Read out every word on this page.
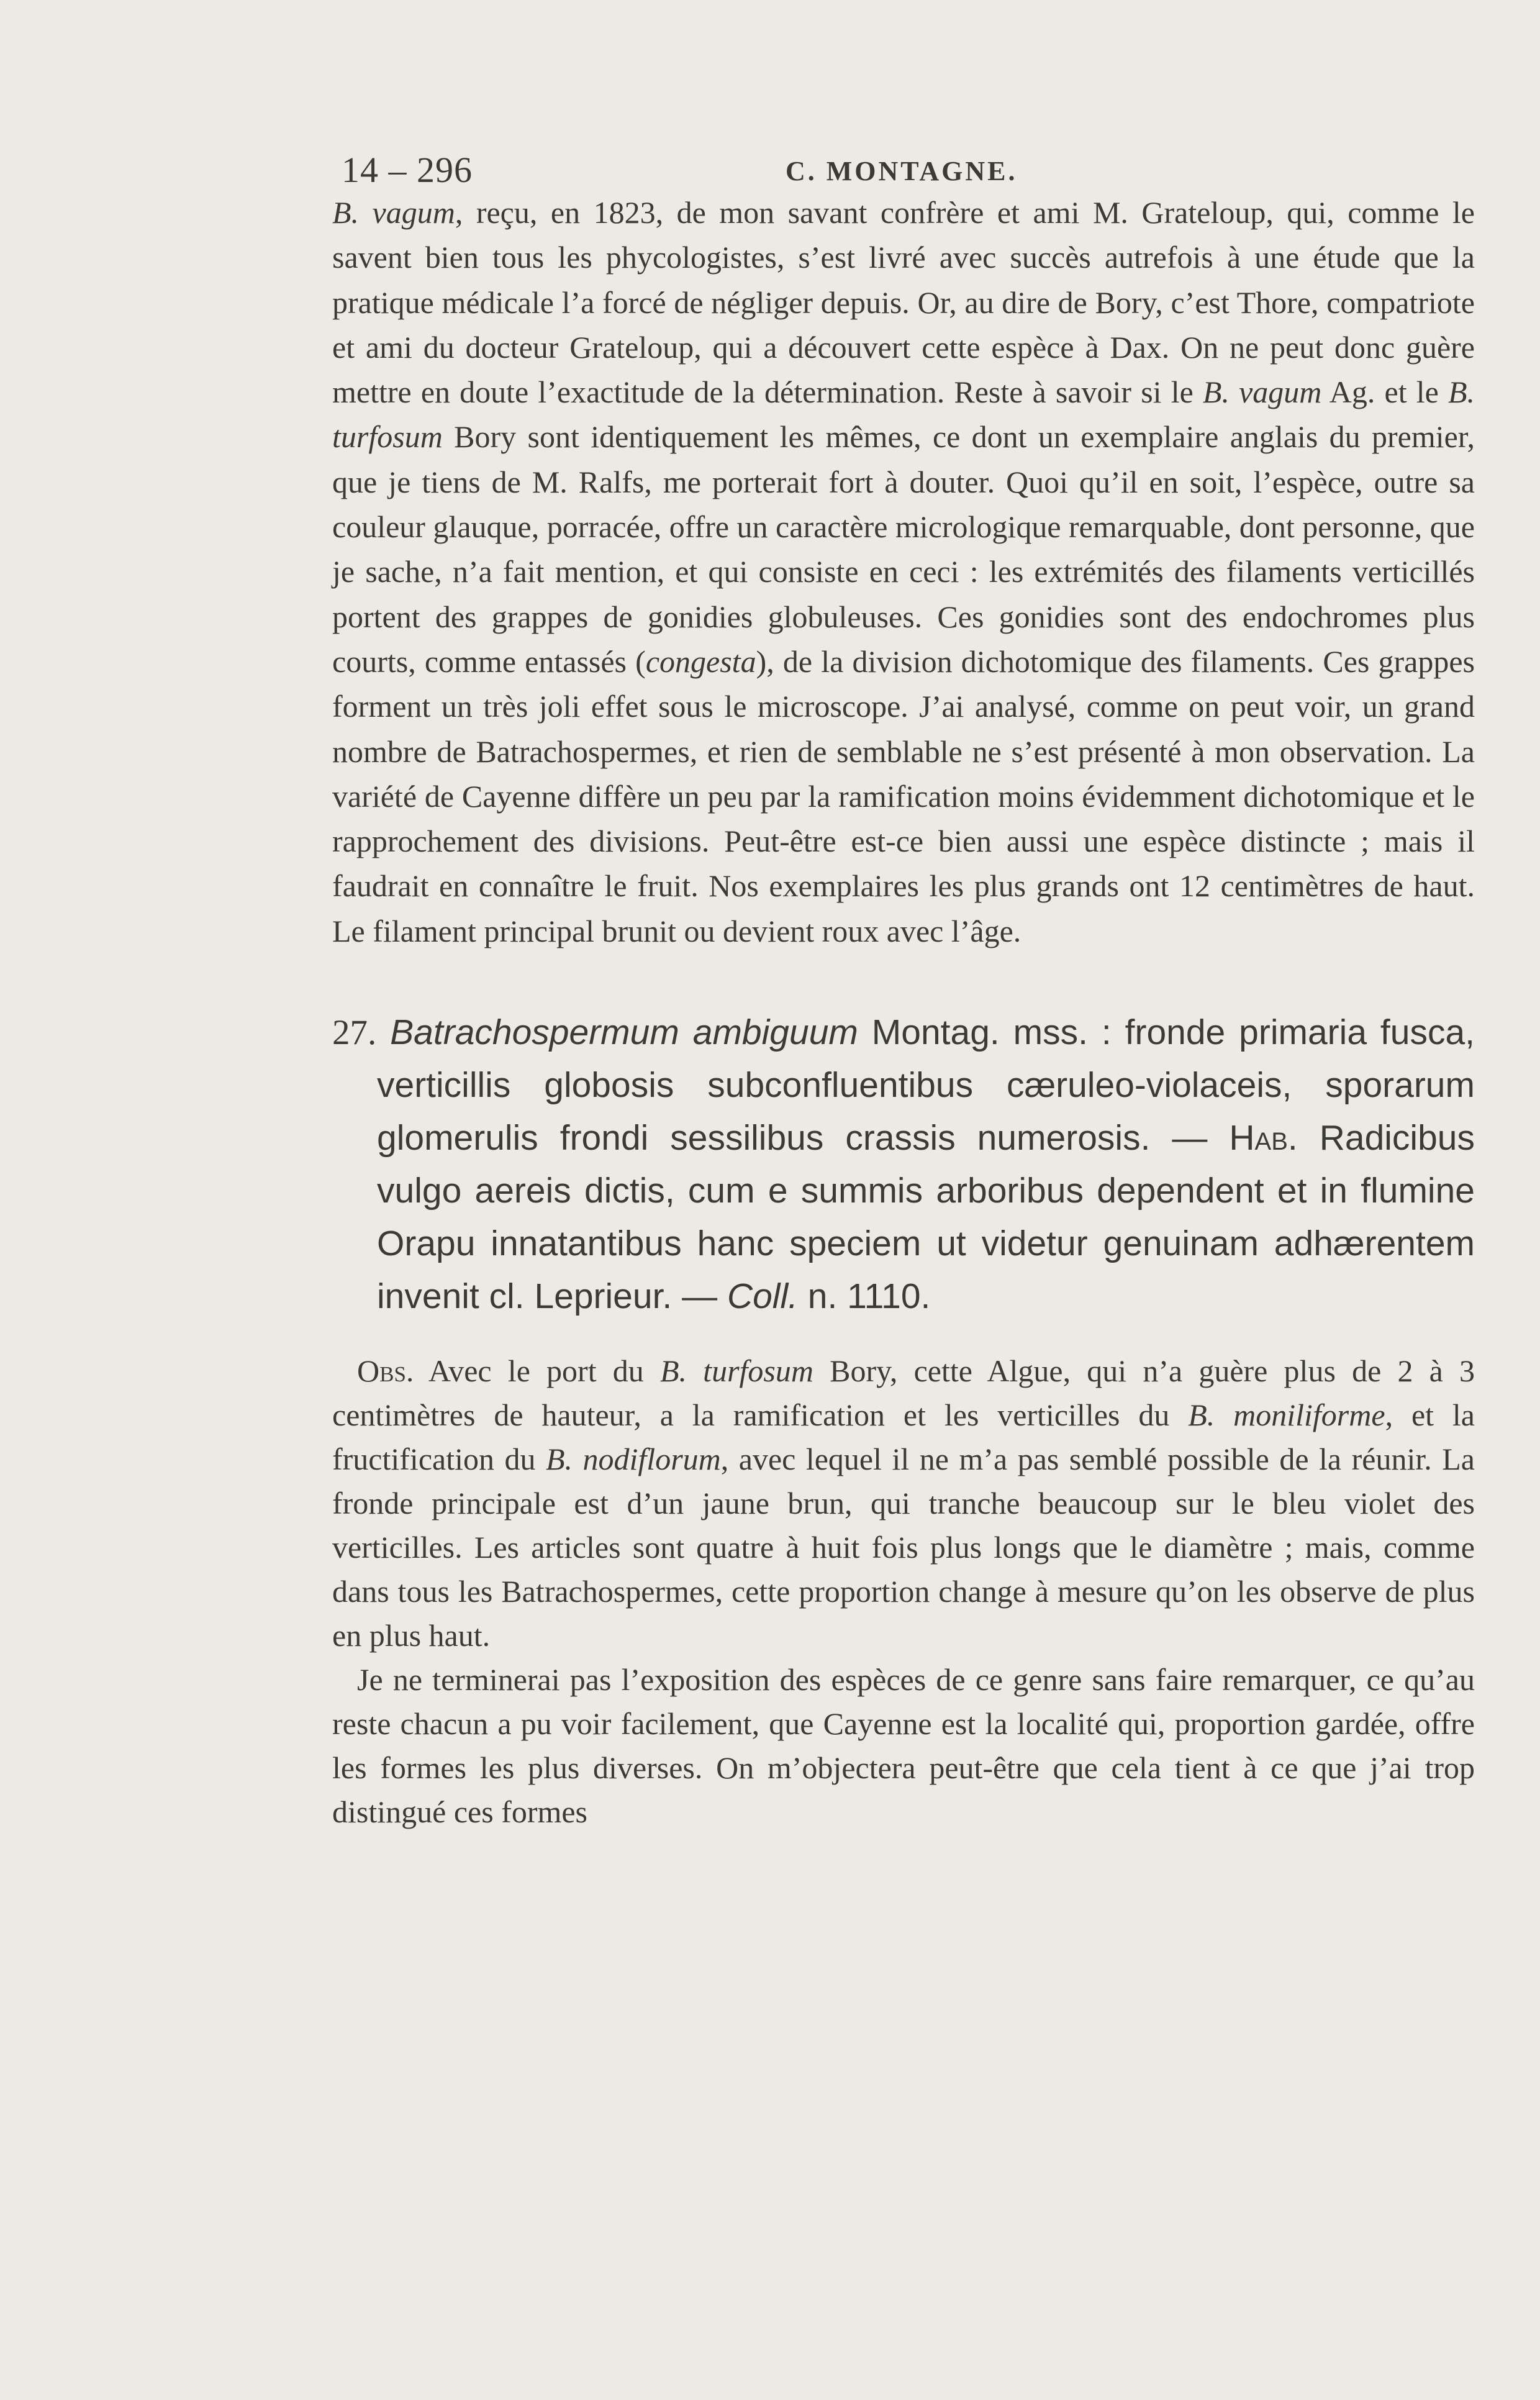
14 – 296	C. MONTAGNE.

B. vagum, reçu, en 1823, de mon savant confrère et ami M. Grateloup, qui, comme le savent bien tous les phycologistes, s’est livré avec succès autrefois à une étude que la pratique médicale l’a forcé de négliger depuis. Or, au dire de Bory, c’est Thore, compatriote et ami du docteur Grateloup, qui a découvert cette espèce à Dax. On ne peut donc guère mettre en doute l’exactitude de la détermination. Reste à savoir si le B. vagum Ag. et le B. turfosum Bory sont identiquement les mêmes, ce dont un exemplaire anglais du premier, que je tiens de M. Ralfs, me porterait fort à douter. Quoi qu’il en soit, l’espèce, outre sa couleur glauque, porracée, offre un caractère micrologique remarquable, dont personne, que je sache, n’a fait mention, et qui consiste en ceci : les extrémités des filaments verticillés portent des grappes de gonidies globuleuses. Ces gonidies sont des endochromes plus courts, comme entassés (congesta), de la division dichotomique des filaments. Ces grappes forment un très joli effet sous le microscope. J’ai analysé, comme on peut voir, un grand nombre de Batrachospermes, et rien de semblable ne s’est présenté à mon observation. La variété de Cayenne diffère un peu par la ramification moins évidemment dichotomique et le rapprochement des divisions. Peut-être est-ce bien aussi une espèce distincte ; mais il faudrait en connaître le fruit. Nos exemplaires les plus grands ont 12 centimètres de haut. Le filament principal brunit ou devient roux avec l’âge.

27. Batrachospermum ambiguum Montag. mss. : fronde primaria fusca, verticillis globosis subconfluentibus cæruleo-violaceis, sporarum glomerulis frondi sessilibus crassis numerosis. — Hab. Radicibus vulgo aereis dictis, cum e summis arboribus dependent et in flumine Orapu innatantibus hanc speciem ut videtur genuinam adhærentem invenit cl. Leprieur. — Coll. n. 1110.

Obs. Avec le port du B. turfosum Bory, cette Algue, qui n’a guère plus de 2 à 3 centimètres de hauteur, a la ramification et les verticilles du B. moniliforme, et la fructification du B. nodiflorum, avec lequel il ne m’a pas semblé possible de la réunir. La fronde principale est d’un jaune brun, qui tranche beaucoup sur le bleu violet des verticilles. Les articles sont quatre à huit fois plus longs que le diamètre ; mais, comme dans tous les Batrachospermes, cette proportion change à mesure qu’on les observe de plus en plus haut.

Je ne terminerai pas l’exposition des espèces de ce genre sans faire remarquer, ce qu’au reste chacun a pu voir facilement, que Cayenne est la localité qui, proportion gardée, offre les formes les plus diverses. On m’objectera peut-être que cela tient à ce que j’ai trop distingué ces formes
